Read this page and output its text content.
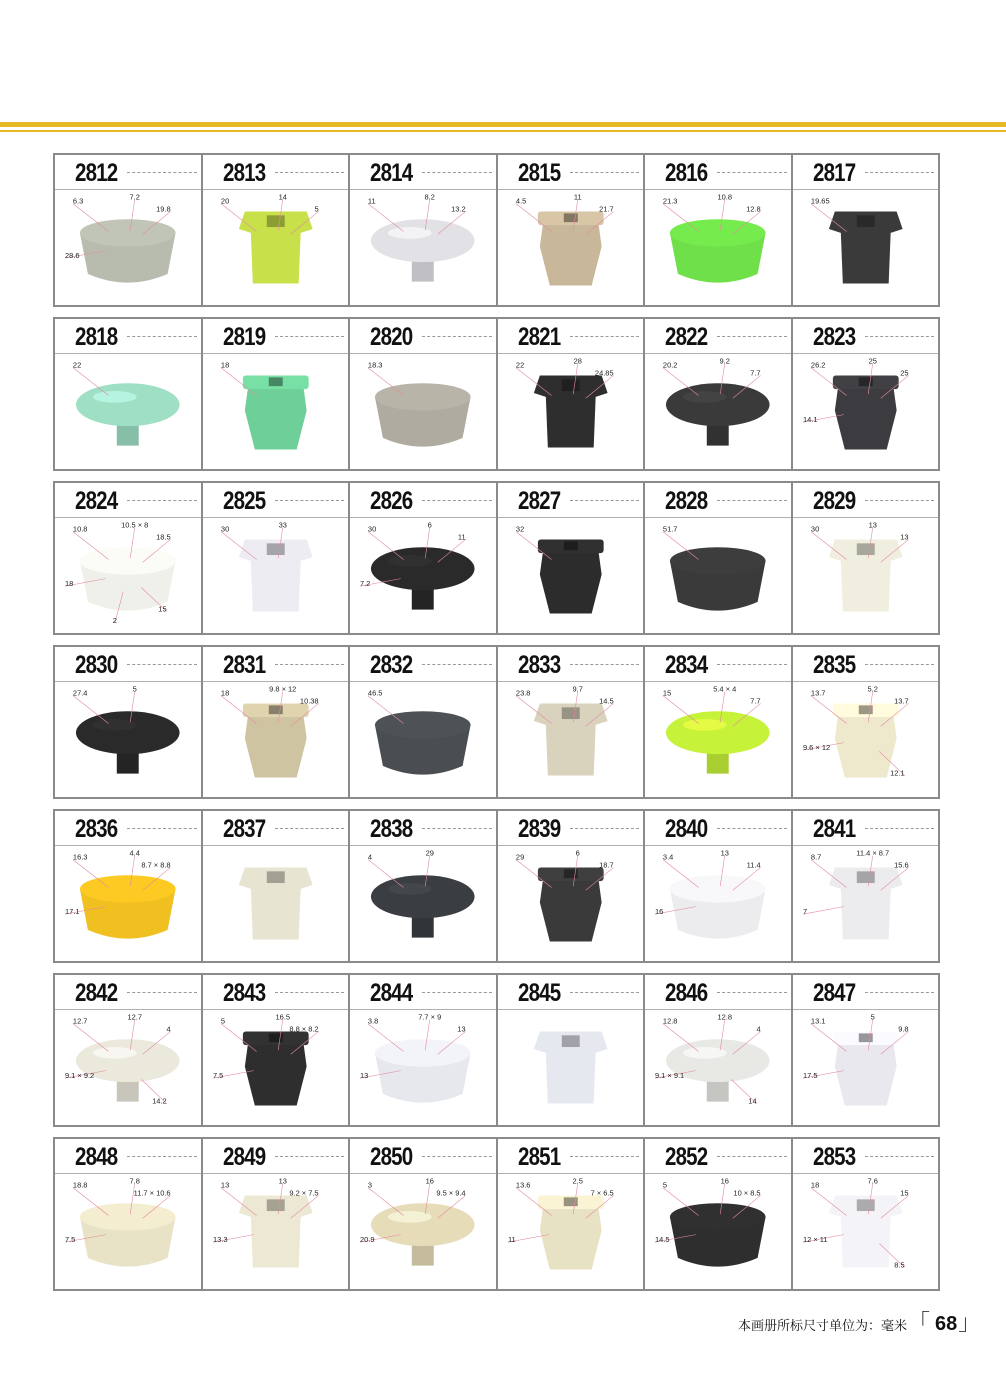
2812
6.3	7.2
19.8
28.6
2813
20	14
5
2814
11	8.2
13.2
2815
4.5	11
21.7
2816
21.3	10.8
12.8
2817
19.65
2818
22
2819
18
2820
18.3
2821
22	28
24.85
2822
20.2	9.2
7.7
2823
26.2	25
25
14.1
2824
10.8	10.5 × 8
18.5
18
15
2
2825
30	33
2826
30	6
11
7.2
2827
32
2828
51.7
2829
30	13
13
2830
27.4	5
2831
18	9.8 × 12
10.38
2832
46.5
2833
23.8	9.7
14.5
2834
15	5.4 × 4
7.7
2835
13.7	5.2
13.7
9.6 × 12
12.1
2836
16.3	4.4
8.7 × 8.8
17.1
2837	2838
4	29
2839
29	6
18.7
2840
3.4	13
11.4
16
2841
8.7	11.4 × 8.7
15.6
7
2842
12.7	12.7
4
9.1 × 9.2
14.2
2843
5	16.5
8.8 × 8.2
7.5
2844
3.8	7.7 × 9
13
13
2845	2846
12.8	12.8
4
9.1 × 9.1
14
2847
13.1	5
9.8
17.5
2848
18.8	7.8
11.7 × 10.6
7.5
2849
13	13
9.2 × 7.5
13.3
2850
3	16
9.5 × 9.4
20.9
2851
13.6	2.5
7 × 6.5
11
2852
5	16
10 × 8.5
14.5
2853
18	7.6
15
12 × 11
8.5
本画册所标尺寸单位为：毫米 「 68 」
